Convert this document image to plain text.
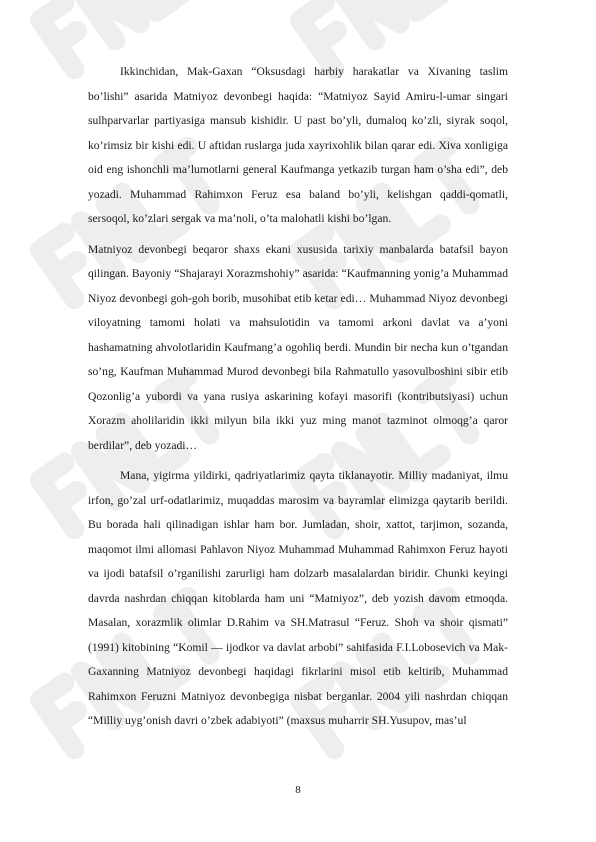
Ikkinchidan, Mak-Gaxan “Oksusdagi harbiy harakatlar va Xivaning taslim bo’lishi” asarida Matniyoz devonbegi haqida: “Matniyoz Sayid Amiru-l-umar singari sulhparvarlar partiyasiga mansub kishidir. U past bo’yli, dumaloq ko’zli, siyrak soqol, ko’rimsiz bir kishi edi. U aftidan ruslarga juda xayrixohlik bilan qarar edi. Xiva xonligiga oid eng ishonchli ma’lumotlarni general Kaufmanga yetkazib turgan ham o’sha edi”, deb yozadi. Muhammad Rahimxon Feruz esa baland bo’yli, kelishgan qaddi-qomatli, sersoqol, ko’zlari sergak va ma’noli, o’ta malohatli kishi bo’lgan.

Matniyoz devonbegi beqaror shaxs ekani xususida tarixiy manbalarda batafsil bayon qilingan. Bayoniy “Shajarayi Xorazmshohiy” asarida: “Kaufmanning yonig’a Muhammad Niyoz devonbegi goh-goh borib, musohibat etib ketar edi… Muhammad Niyoz devonbegi viloyatning tamomi holati va mahsulotidin va tamomi arkoni davlat va a’yoni hashamatning ahvolotlaridin Kaufmang’a ogohliq berdi. Mundin bir necha kun o’tgandan so’ng, Kaufman Muhammad Murod devonbegi bila Rahmatullo yasovulboshini sibir etib Qozonlig’a yubordi va yana rusiya askarining kofayi masorifi (kontributsiyasi) uchun Xorazm aholilaridin ikki milyun bila ikki yuz ming manot tazminot olmoqg’a qaror berdilar”, deb yozadi…

Mana, yigirma yildirki, qadriyatlarimiz qayta tiklanayotir. Milliy madaniyat, ilmu irfon, go’zal urf-odatlarimiz, muqaddas marosim va bayramlar elimizga qaytarib berildi. Bu borada hali qilinadigan ishlar ham bor. Jumladan, shoir, xattot, tarjimon, sozanda, maqomot ilmi allomasi Pahlavon Niyoz Muhammad Muhammad Rahimxon Feruz hayoti va ijodi batafsil o’rganilishi zarurligi ham dolzarb masalalardan biridir. Chunki keyingi davrda nashrdan chiqqan kitoblarda ham uni “Matniyoz”, deb yozish davom etmoqda. Masalan, xorazmlik olimlar D.Rahim va SH.Matrasul “Feruz. Shoh va shoir qismati” (1991) kitobining “Komil — ijodkor va davlat arbobi” sahifasida F.I.Lobosevich va Mak-Gaxanning Matniyoz devonbegi haqidagi fikrlarini misol etib keltirib, Muhammad Rahimxon Feruzni Matniyoz devonbegiga nisbat berganlar. 2004 yili nashrdan chiqqan “Milliy uyg’onish davri o’zbek adabiyoti” (maxsus muharrir SH.Yusupov, mas’ul

8
